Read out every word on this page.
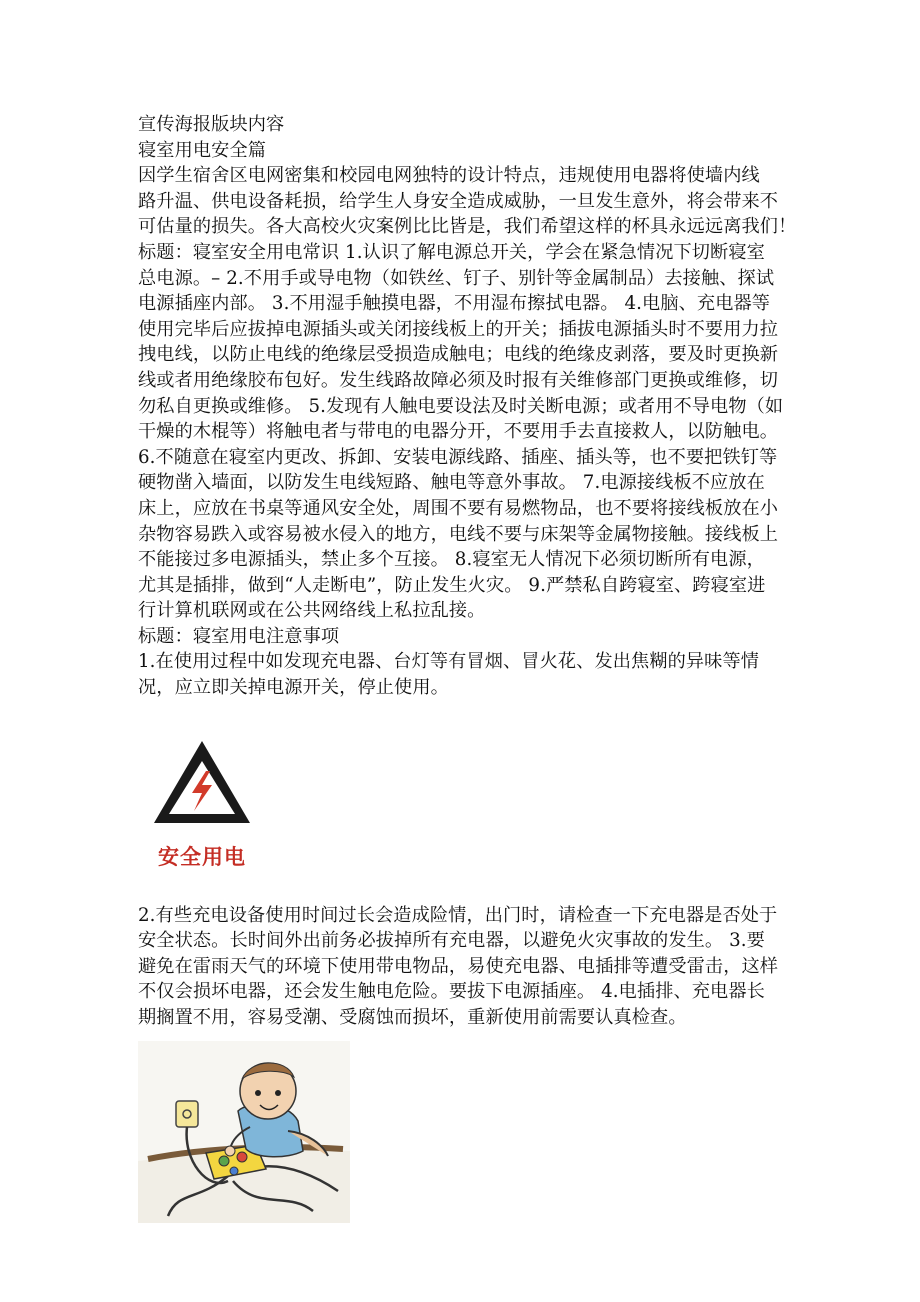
宣传海报版块内容
寝室用电安全篇
因学生宿舍区电网密集和校园电网独特的设计特点，违规使用电器将使墙内线
路升温、供电设备耗损，给学生人身安全造成威胁，一旦发生意外，将会带来不
可估量的损失。各大高校火灾案例比比皆是，我们希望这样的杯具永远远离我们！
标题：寝室安全用电常识 1.认识了解电源总开关，学会在紧急情况下切断寝室
总电源。– 2.不用手或导电物（如铁丝、钉子、别针等金属制品）去接触、探试
电源插座内部。 3.不用湿手触摸电器，不用湿布擦拭电器。 4.电脑、充电器等
使用完毕后应拔掉电源插头或关闭接线板上的开关；插拔电源插头时不要用力拉
拽电线，以防止电线的绝缘层受损造成触电；电线的绝缘皮剥落，要及时更换新
线或者用绝缘胶布包好。发生线路故障必须及时报有关维修部门更换或维修，切
勿私自更换或维修。 5.发现有人触电要设法及时关断电源；或者用不导电物（如
干燥的木棍等）将触电者与带电的电器分开，不要用手去直接救人，以防触电。
6.不随意在寝室内更改、拆卸、安装电源线路、插座、插头等，也不要把铁钉等
硬物凿入墙面，以防发生电线短路、触电等意外事故。 7.电源接线板不应放在
床上，应放在书桌等通风安全处，周围不要有易燃物品，也不要将接线板放在小
杂物容易跌入或容易被水侵入的地方，电线不要与床架等金属物接触。接线板上
不能接过多电源插头，禁止多个互接。 8.寝室无人情况下必须切断所有电源，
尤其是插排，做到“人走断电”，防止发生火灾。 9.严禁私自跨寝室、跨寝室进
行计算机联网或在公共网络线上私拉乱接。
标题：寝室用电注意事项
1.在使用过程中如发现充电器、台灯等有冒烟、冒火花、发出焦糊的异味等情
况，应立即关掉电源开关，停止使用。
安全用电
2.有些充电设备使用时间过长会造成险情，出门时，请检查一下充电器是否处于
安全状态。长时间外出前务必拔掉所有充电器，以避免火灾事故的发生。 3.要
避免在雷雨天气的环境下使用带电物品，易使充电器、电插排等遭受雷击，这样
不仅会损坏电器，还会发生触电危险。要拔下电源插座。 4.电插排、充电器长
期搁置不用，容易受潮、受腐蚀而损坏，重新使用前需要认真检查。
